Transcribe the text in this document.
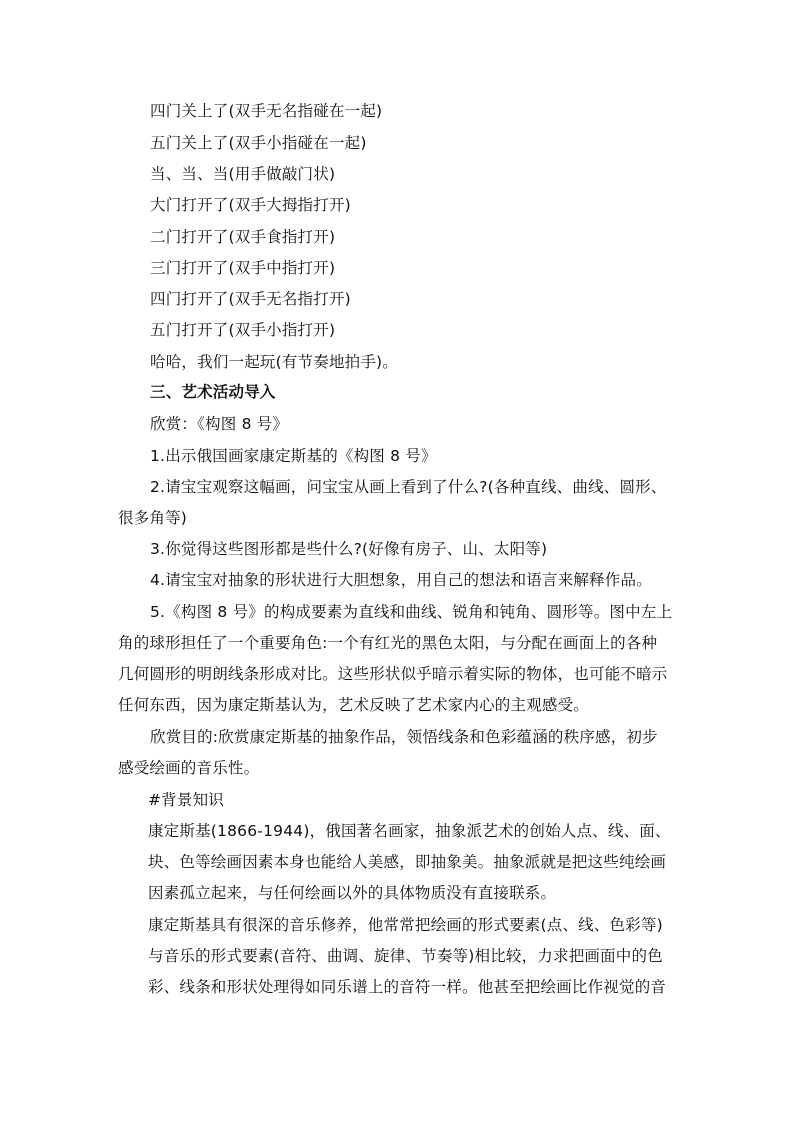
四门关上了(双手无名指碰在一起)
五门关上了(双手小指碰在一起)
当、当、当(用手做敲门状)
大门打开了(双手大拇指打开)
二门打开了(双手食指打开)
三门打开了(双手中指打开)
四门打开了(双手无名指打开)
五门打开了(双手小指打开)
哈哈，我们一起玩(有节奏地拍手)。
三、艺术活动导入
欣赏：《构图 8 号》
1.出示俄国画家康定斯基的《构图 8 号》
2.请宝宝观察这幅画，问宝宝从画上看到了什么?(各种直线、曲线、圆形、
很多角等)
3.你觉得这些图形都是些什么?(好像有房子、山、太阳等)
4.请宝宝对抽象的形状进行大胆想象，用自己的想法和语言来解释作品。
5.《构图 8 号》的构成要素为直线和曲线、锐角和钝角、圆形等。图中左上
角的球形担任了一个重要角色:一个有红光的黑色太阳，与分配在画面上的各种
几何圆形的明朗线条形成对比。这些形状似乎暗示着实际的物体，也可能不暗示
任何东西，因为康定斯基认为，艺术反映了艺术家内心的主观感受。
欣赏目的:欣赏康定斯基的抽象作品，领悟线条和色彩蕴涵的秩序感，初步
感受绘画的音乐性。
#背景知识
康定斯基(1866-1944)，俄国著名画家，抽象派艺术的创始人点、线、面、
块、色等绘画因素本身也能给人美感，即抽象美。抽象派就是把这些纯绘画
因素孤立起来，与任何绘画以外的具体物质没有直接联系。
康定斯基具有很深的音乐修养，他常常把绘画的形式要素(点、线、色彩等)
与音乐的形式要素(音符、曲调、旋律、节奏等)相比较，力求把画面中的色
彩、线条和形状处理得如同乐谱上的音符一样。他甚至把绘画比作视觉的音
